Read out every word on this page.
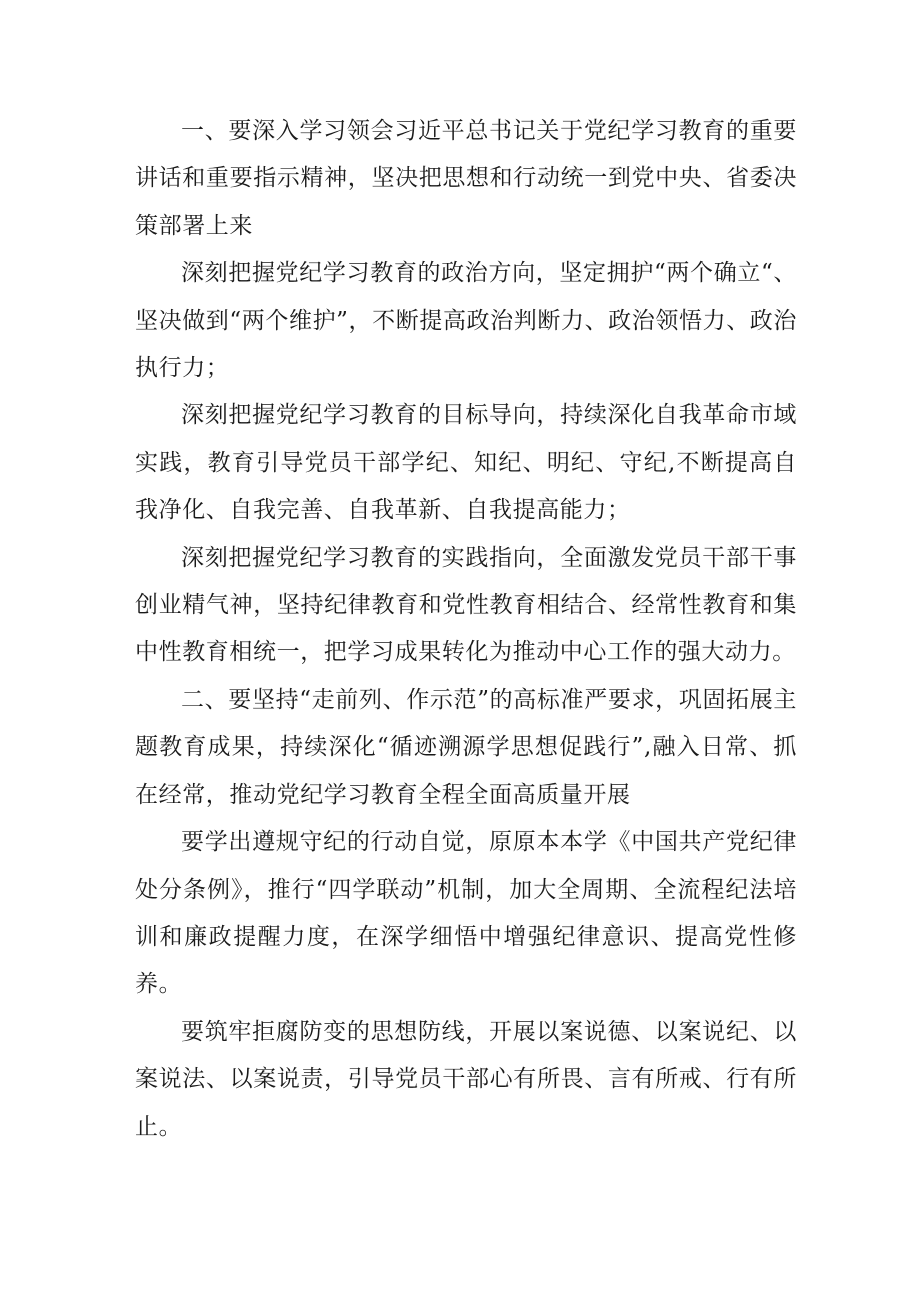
一、要深入学习领会习近平总书记关于党纪学习教育的重要讲话和重要指示精神，坚决把思想和行动统一到党中央、省委决策部署上来

深刻把握党纪学习教育的政治方向，坚定拥护“两个确立“、坚决做到“两个维护”，不断提高政治判断力、政治领悟力、政治执行力；

深刻把握党纪学习教育的目标导向，持续深化自我革命市域实践，教育引导党员干部学纪、知纪、明纪、守纪,不断提高自我净化、自我完善、自我革新、自我提高能力；

深刻把握党纪学习教育的实践指向，全面激发党员干部干事创业精气神，坚持纪律教育和党性教育相结合、经常性教育和集中性教育相统一，把学习成果转化为推动中心工作的强大动力。

二、要坚持“走前列、作示范”的高标准严要求，巩固拓展主题教育成果，持续深化“循迹溯源学思想促践行”,融入日常、抓在经常，推动党纪学习教育全程全面高质量开展

要学出遵规守纪的行动自觉，原原本本学《中国共产党纪律处分条例》，推行“四学联动”机制，加大全周期、全流程纪法培训和廉政提醒力度，在深学细悟中增强纪律意识、提高党性修养。

要筑牢拒腐防变的思想防线，开展以案说德、以案说纪、以案说法、以案说责，引导党员干部心有所畏、言有所戒、行有所止。
